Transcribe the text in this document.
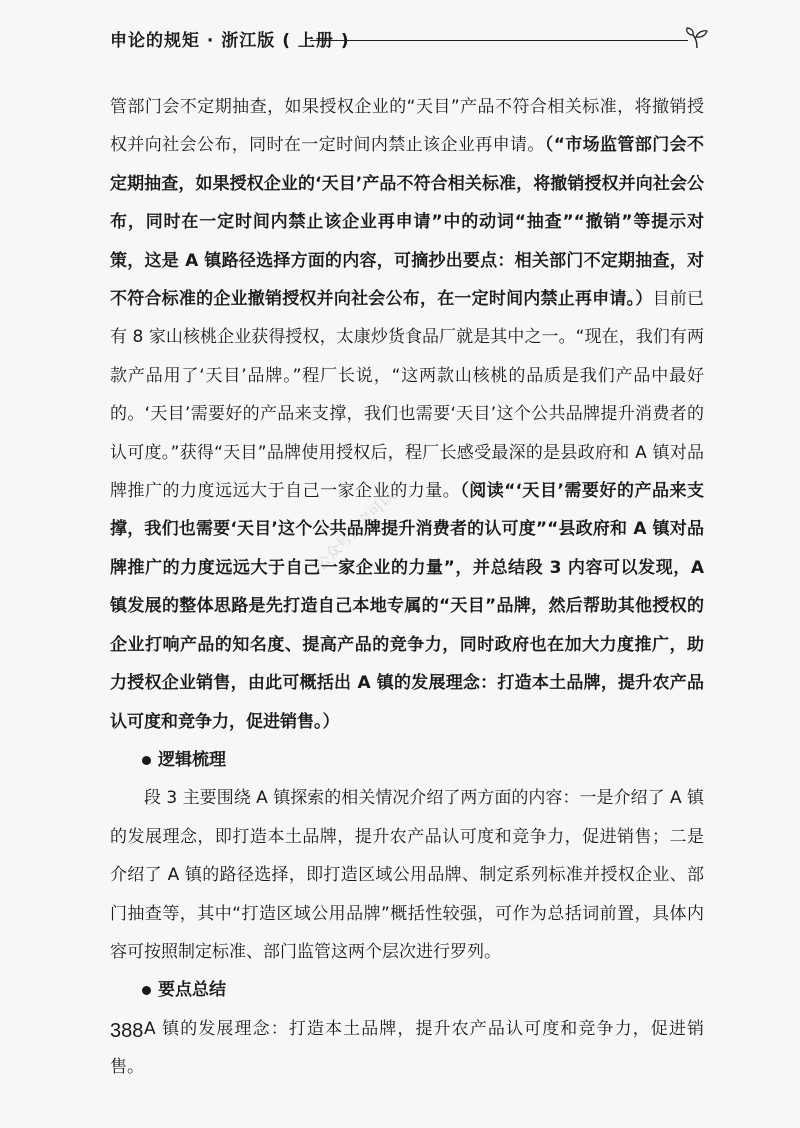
申论的规矩 · 浙江版 ( 上册 )
公众号微宝可以

管部门会不定期抽查，如果授权企业的“天目”产品不符合相关标准，将撤销授权并向社会公布，同时在一定时间内禁止该企业再申请。（“市场监管部门会不定期抽查，如果授权企业的‘天目’产品不符合相关标准，将撤销授权并向社会公布，同时在一定时间内禁止该企业再申请”中的动词“抽查”“撤销”等提示对策，这是 A 镇路径选择方面的内容，可摘抄出要点：相关部门不定期抽查，对不符合标准的企业撤销授权并向社会公布，在一定时间内禁止再申请。）目前已有 8 家山核桃企业获得授权，太康炒货食品厂就是其中之一。“现在，我们有两款产品用了‘天目’品牌。”程厂长说，“这两款山核桃的品质是我们产品中最好的。‘天目’需要好的产品来支撑，我们也需要‘天目’这个公共品牌提升消费者的认可度。”获得“天目”品牌使用授权后，程厂长感受最深的是县政府和 A 镇对品牌推广的力度远远大于自己一家企业的力量。（阅读“‘天目’需要好的产品来支撑，我们也需要‘天目’这个公共品牌提升消费者的认可度”“县政府和 A 镇对品牌推广的力度远远大于自己一家企业的力量”，并总结段 3 内容可以发现，A 镇发展的整体思路是先打造自己本地专属的“天目”品牌，然后帮助其他授权的企业打响产品的知名度、提高产品的竞争力，同时政府也在加大力度推广，助力授权企业销售，由此可概括出 A 镇的发展理念：打造本土品牌，提升农产品认可度和竞争力，促进销售。）

逻辑梳理

段 3 主要围绕 A 镇探索的相关情况介绍了两方面的内容：一是介绍了 A 镇的发展理念，即打造本土品牌，提升农产品认可度和竞争力，促进销售；二是介绍了 A 镇的路径选择，即打造区域公用品牌、制定系列标准并授权企业、部门抽查等，其中“打造区域公用品牌”概括性较强，可作为总括词前置，具体内容可按照制定标准、部门监管这两个层次进行罗列。

要点总结

A 镇的发展理念：打造本土品牌，提升农产品认可度和竞争力，促进销售。

388
